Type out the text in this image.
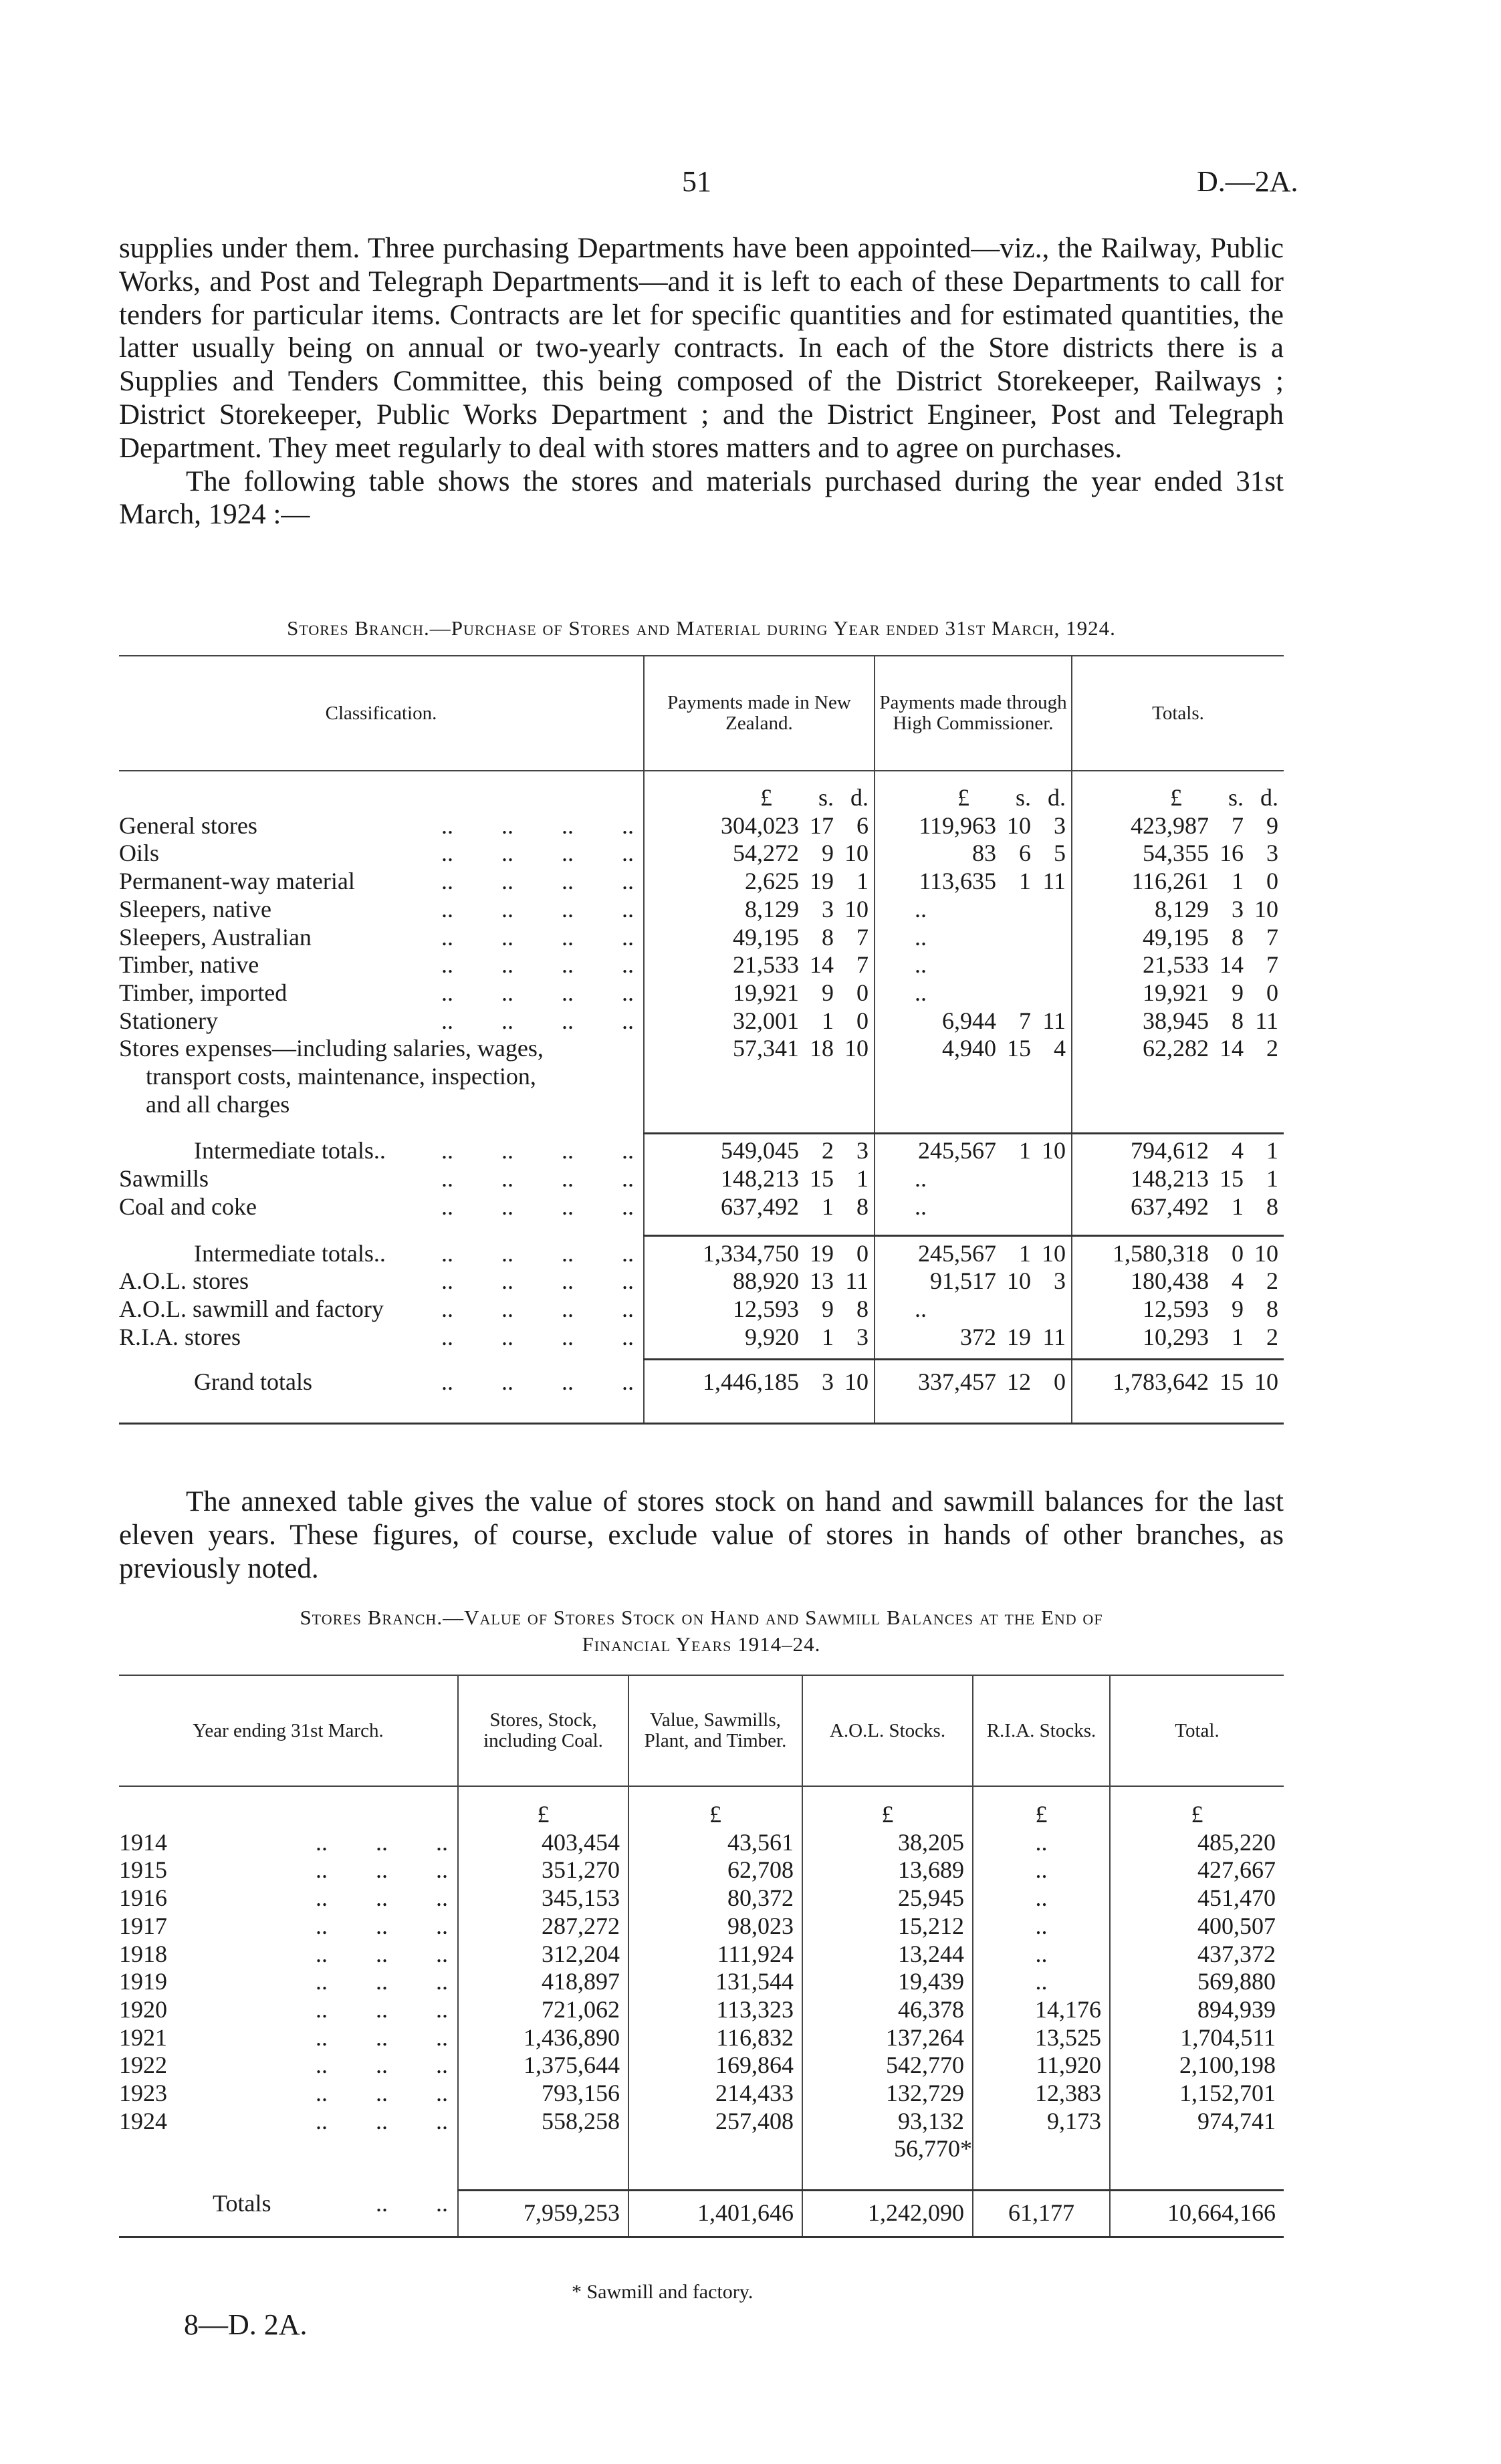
51	D.—2A.
supplies under them. Three purchasing Departments have been appointed—viz., the Railway, Public Works, and Post and Telegraph Departments—and it is left to each of these Departments to call for tenders for particular items. Contracts are let for specific quantities and for estimated quantities, the latter usually being on annual or two-yearly contracts. In each of the Store districts there is a Supplies and Tenders Committee, this being composed of the District Storekeeper, Railways ; District Storekeeper, Public Works Department ; and the District Engineer, Post and Telegraph Department. They meet regularly to deal with stores matters and to agree on purchases.
The following table shows the stores and materials purchased during the year ended 31st March, 1924 :—
Stores Branch.—Purchase of Stores and Material during Year ended 31st March, 1924.
Classification.	Payments made in New Zealand.	Payments made through High Commissioner.	Totals.

	£ s. d.	£ s. d.	£ s. d.

General stores ..        ..        ..        ..	304,023 17 6	119,963 10 3	423,987 7 9

Oils ..        ..        ..        ..	54,272 9 10	83 6 5	54,355 16 3

Permanent-way material ..        ..        ..        ..	2,625 19 1	113,635 1 11	116,261 1 0

Sleepers, native ..        ..        ..        ..	8,129 3 10	..	8,129 3 10

Sleepers, Australian ..        ..        ..        ..	49,195 8 7	..	49,195 8 7

Timber, native ..        ..        ..        ..	21,533 14 7	..	21,533 14 7

Timber, imported ..        ..        ..        ..	19,921 9 0	..	19,921 9 0

Stationery ..        ..        ..        ..	32,001 1 0	6,944 7 11	38,945 8 11

Stores expenses—including salaries, wages,	57,341 18 10	4,940 15 4	62,282 14 2

transport costs, maintenance, inspection,			
and all charges			

Intermediate totals.. ..        ..        ..        ..	549,045 2 3	245,567 1 10	794,612 4 1

Sawmills ..        ..        ..        ..	148,213 15 1	..	148,213 15 1

Coal and coke ..        ..        ..        ..	637,492 1 8	..	637,492 1 8

Intermediate totals.. ..        ..        ..        ..	1,334,750 19 0	245,567 1 10	1,580,318 0 10

A.O.L. stores ..        ..        ..        ..	88,920 13 11	91,517 10 3	180,438 4 2

A.O.L. sawmill and factory ..        ..        ..        ..	12,593 9 8	..	12,593 9 8

R.I.A. stores ..        ..        ..        ..	9,920 1 3	372 19 11	10,293 1 2

Grand totals ..        ..        ..        ..	1,446,185 3 10	337,457 12 0	1,783,642 15 10

The annexed table gives the value of stores stock on hand and sawmill balances for the last eleven years. These figures, of course, exclude value of stores in hands of other branches, as previously noted.
Stores Branch.—Value of Stores Stock on Hand and Sawmill Balances at the End of
Financial Years 1914–24.
Year ending 31st March.	Stores, Stock, including Coal.	Value, Sawmills, Plant, and Timber.	A.O.L. Stocks.	R.I.A. Stocks.	Total.

	£	£	£	£	£
1914 ..        ..        ..	403,454	43,561	38,205	..	485,220
1915 ..        ..        ..	351,270	62,708	13,689	..	427,667
1916 ..        ..        ..	345,153	80,372	25,945	..	451,470
1917 ..        ..        ..	287,272	98,023	15,212	..	400,507
1918 ..        ..        ..	312,204	111,924	13,244	..	437,372
1919 ..        ..        ..	418,897	131,544	19,439	..	569,880
1920 ..        ..        ..	721,062	113,323	46,378	14,176	894,939
1921 ..        ..        ..	1,436,890	116,832	137,264	13,525	1,704,511
1922 ..        ..        ..	1,375,644	169,864	542,770	11,920	2,100,198
1923 ..        ..        ..	793,156	214,433	132,729	12,383	1,152,701
1924 ..        ..        ..	558,258	257,408	93,132	9,173	974,741
			56,770*		

Totals ..        ..	7,959,253	1,401,646	1,242,090	61,177	10,664,166
* Sawmill and factory.
8—D. 2A.
